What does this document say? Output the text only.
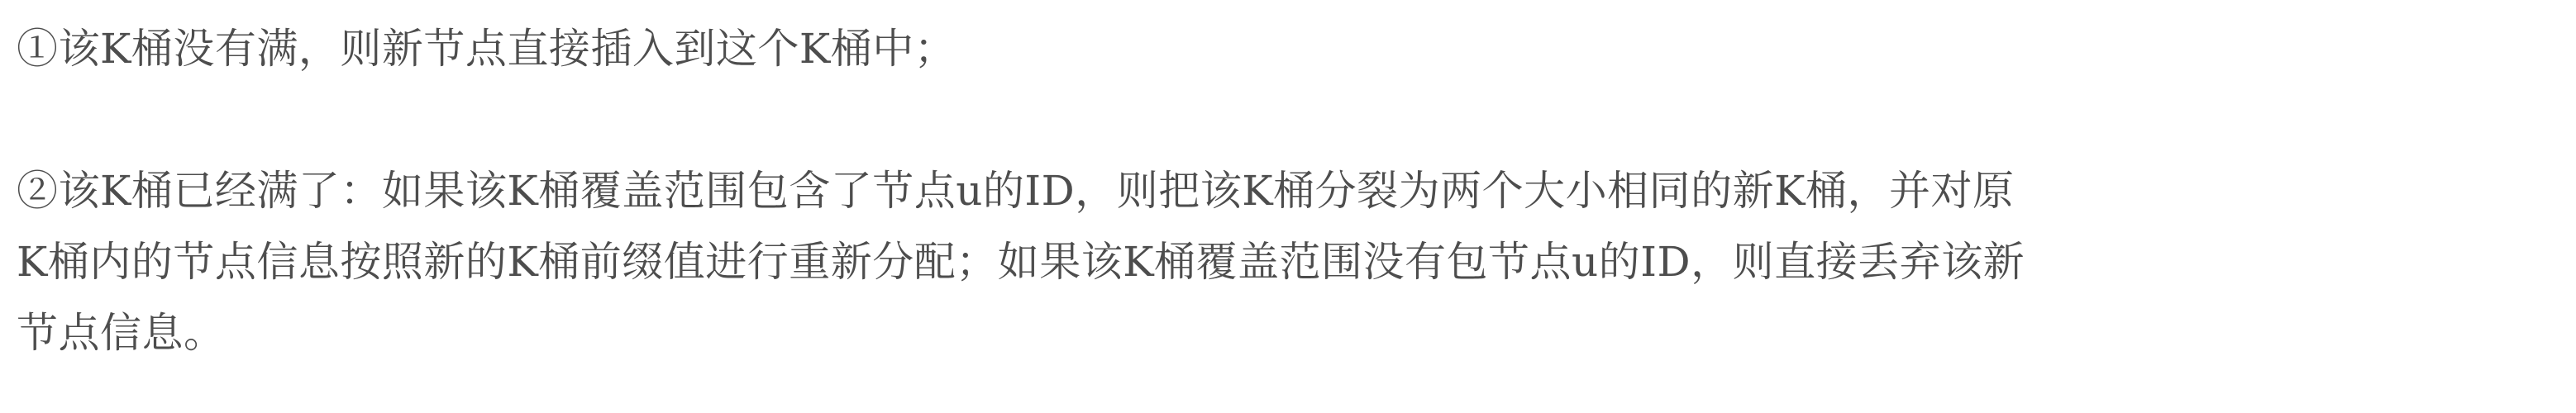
①该K桶没有满，则新节点直接插入到这个K桶中；

②该K桶已经满了：如果该K桶覆盖范围包含了节点u的ID，则把该K桶分裂为两个大小相同的新K桶，并对原

K桶内的节点信息按照新的K桶前缀值进行重新分配；如果该K桶覆盖范围没有包节点u的ID，则直接丢弃该新

节点信息。
